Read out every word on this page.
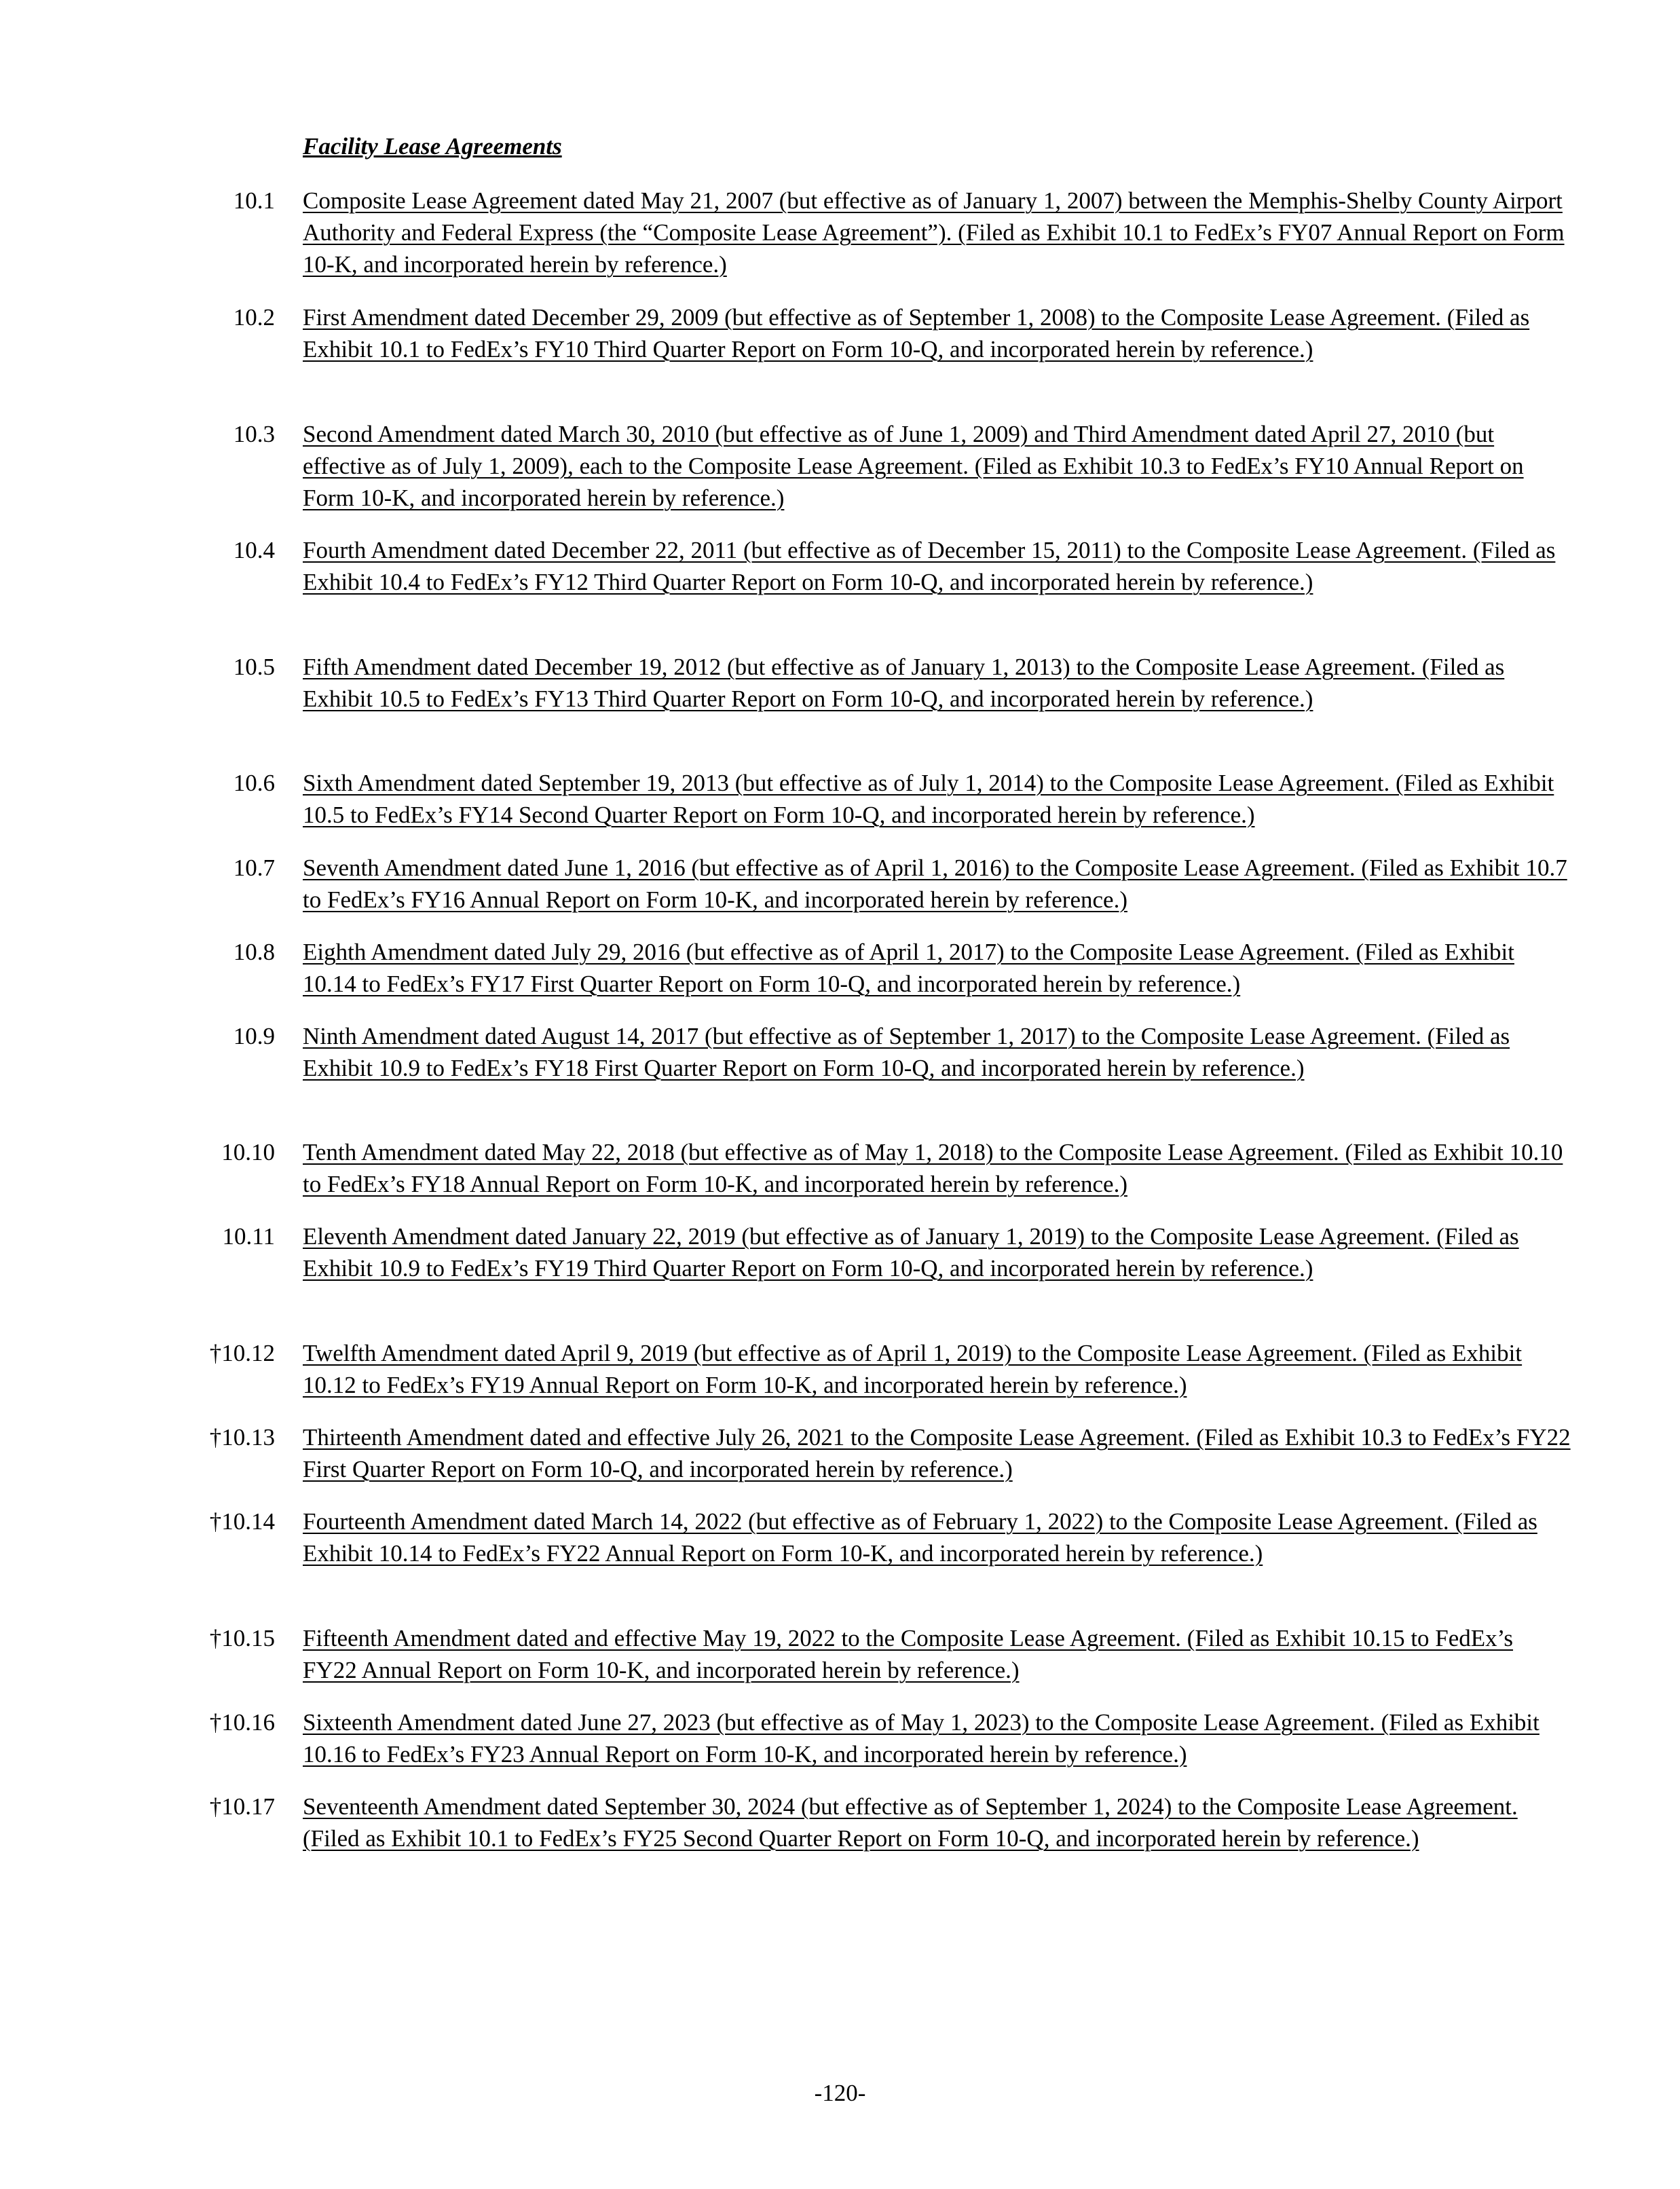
Facility Lease Agreements
10.1 Composite Lease Agreement dated May 21, 2007 (but effective as of January 1, 2007) between the Memphis-Shelby County Airport Authority and Federal Express (the “Composite Lease Agreement”). (Filed as Exhibit 10.1 to FedEx’s FY07 Annual Report on Form 10-K, and incorporated herein by reference.)
10.2 First Amendment dated December 29, 2009 (but effective as of September 1, 2008) to the Composite Lease Agreement. (Filed as Exhibit 10.1 to FedEx’s FY10 Third Quarter Report on Form 10-Q, and incorporated herein by reference.)
10.3 Second Amendment dated March 30, 2010 (but effective as of June 1, 2009) and Third Amendment dated April 27, 2010 (but effective as of July 1, 2009), each to the Composite Lease Agreement. (Filed as Exhibit 10.3 to FedEx’s FY10 Annual Report on Form 10-K, and incorporated herein by reference.)
10.4 Fourth Amendment dated December 22, 2011 (but effective as of December 15, 2011) to the Composite Lease Agreement. (Filed as Exhibit 10.4 to FedEx’s FY12 Third Quarter Report on Form 10-Q, and incorporated herein by reference.)
10.5 Fifth Amendment dated December 19, 2012 (but effective as of January 1, 2013) to the Composite Lease Agreement. (Filed as Exhibit 10.5 to FedEx’s FY13 Third Quarter Report on Form 10-Q, and incorporated herein by reference.)
10.6 Sixth Amendment dated September 19, 2013 (but effective as of July 1, 2014) to the Composite Lease Agreement. (Filed as Exhibit 10.5 to FedEx’s FY14 Second Quarter Report on Form 10-Q, and incorporated herein by reference.)
10.7 Seventh Amendment dated June 1, 2016 (but effective as of April 1, 2016) to the Composite Lease Agreement. (Filed as Exhibit 10.7 to FedEx’s FY16 Annual Report on Form 10-K, and incorporated herein by reference.)
10.8 Eighth Amendment dated July 29, 2016 (but effective as of April 1, 2017) to the Composite Lease Agreement. (Filed as Exhibit 10.14 to FedEx’s FY17 First Quarter Report on Form 10-Q, and incorporated herein by reference.)
10.9 Ninth Amendment dated August 14, 2017 (but effective as of September 1, 2017) to the Composite Lease Agreement. (Filed as Exhibit 10.9 to FedEx’s FY18 First Quarter Report on Form 10-Q, and incorporated herein by reference.)
10.10 Tenth Amendment dated May 22, 2018 (but effective as of May 1, 2018) to the Composite Lease Agreement. (Filed as Exhibit 10.10 to FedEx’s FY18 Annual Report on Form 10-K, and incorporated herein by reference.)
10.11 Eleventh Amendment dated January 22, 2019 (but effective as of January 1, 2019) to the Composite Lease Agreement. (Filed as Exhibit 10.9 to FedEx’s FY19 Third Quarter Report on Form 10-Q, and incorporated herein by reference.)
†10.12 Twelfth Amendment dated April 9, 2019 (but effective as of April 1, 2019) to the Composite Lease Agreement. (Filed as Exhibit 10.12 to FedEx’s FY19 Annual Report on Form 10-K, and incorporated herein by reference.)
†10.13 Thirteenth Amendment dated and effective July 26, 2021 to the Composite Lease Agreement. (Filed as Exhibit 10.3 to FedEx’s FY22 First Quarter Report on Form 10-Q, and incorporated herein by reference.)
†10.14 Fourteenth Amendment dated March 14, 2022 (but effective as of February 1, 2022) to the Composite Lease Agreement. (Filed as Exhibit 10.14 to FedEx’s FY22 Annual Report on Form 10-K, and incorporated herein by reference.)
†10.15 Fifteenth Amendment dated and effective May 19, 2022 to the Composite Lease Agreement. (Filed as Exhibit 10.15 to FedEx’s FY22 Annual Report on Form 10-K, and incorporated herein by reference.)
†10.16 Sixteenth Amendment dated June 27, 2023 (but effective as of May 1, 2023) to the Composite Lease Agreement. (Filed as Exhibit 10.16 to FedEx’s FY23 Annual Report on Form 10-K, and incorporated herein by reference.)
†10.17 Seventeenth Amendment dated September 30, 2024 (but effective as of September 1, 2024) to the Composite Lease Agreement. (Filed as Exhibit 10.1 to FedEx’s FY25 Second Quarter Report on Form 10-Q, and incorporated herein by reference.)
-120-
